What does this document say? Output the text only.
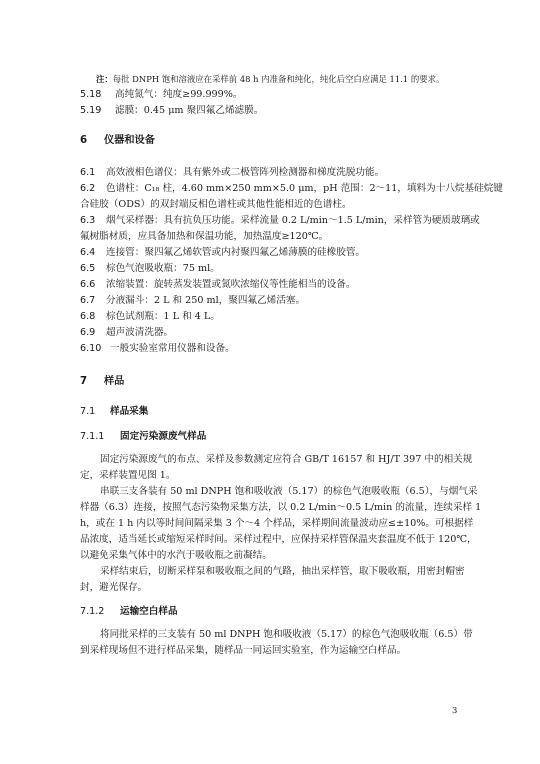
注：每批 DNPH 饱和溶液应在采样前 48 h 内准备和纯化，纯化后空白应满足 11.1 的要求。
5.18 高纯氮气：纯度≥99.999%。
5.19 滤膜：0.45 μm 聚四氟乙烯滤膜。
6 仪器和设备
6.1 高效液相色谱仪：具有紫外或二极管阵列检测器和梯度洗脱功能。
6.2 色谱柱：C₁₈ 柱，4.60 mm×250 mm×5.0 μm，pH 范围：2～11，填料为十八烷基硅烷键
合硅胶（ODS）的双封端反相色谱柱或其他性能相近的色谱柱。
6.3 烟气采样器：具有抗负压功能。采样流量 0.2 L/min～1.5 L/min，采样管为硬质玻璃或
氟树脂材质，应具备加热和保温功能，加热温度≥120℃。
6.4 连接管：聚四氟乙烯软管或内衬聚四氟乙烯薄膜的硅橡胶管。
6.5 棕色气泡吸收瓶：75 ml。
6.6 浓缩装置：旋转蒸发装置或氮吹浓缩仪等性能相当的设备。
6.7 分液漏斗：2 L 和 250 ml，聚四氟乙烯活塞。
6.8 棕色试剂瓶：1 L 和 4 L。
6.9 超声波清洗器。
6.10 一般实验室常用仪器和设备。
7 样品
7.1 样品采集
7.1.1 固定污染源废气样品
固定污染源废气的布点、采样及参数测定应符合 GB/T 16157 和 HJ/T 397 中的相关规
定，采样装置见图 1。
串联三支各装有 50 ml DNPH 饱和吸收液（5.17）的棕色气泡吸收瓶（6.5），与烟气采
样器（6.3）连接，按照气态污染物采集方法，以 0.2 L/min～0.5 L/min 的流量，连续采样 1
h，或在 1 h 内以等时间间隔采集 3 个～4 个样品，采样期间流量波动应≤±10%。可根据样
品浓度，适当延长或缩短采样时间。采样过程中，应保持采样管保温夹套温度不低于 120℃，
以避免采集气体中的水汽于吸收瓶之前凝结。
采样结束后，切断采样泵和吸收瓶之间的气路，抽出采样管，取下吸收瓶，用密封帽密
封，避光保存。
7.1.2 运输空白样品
将同批采样的三支装有 50 ml DNPH 饱和吸收液（5.17）的棕色气泡吸收瓶（6.5）带
到采样现场但不进行样品采集，随样品一同运回实验室，作为运输空白样品。
3
